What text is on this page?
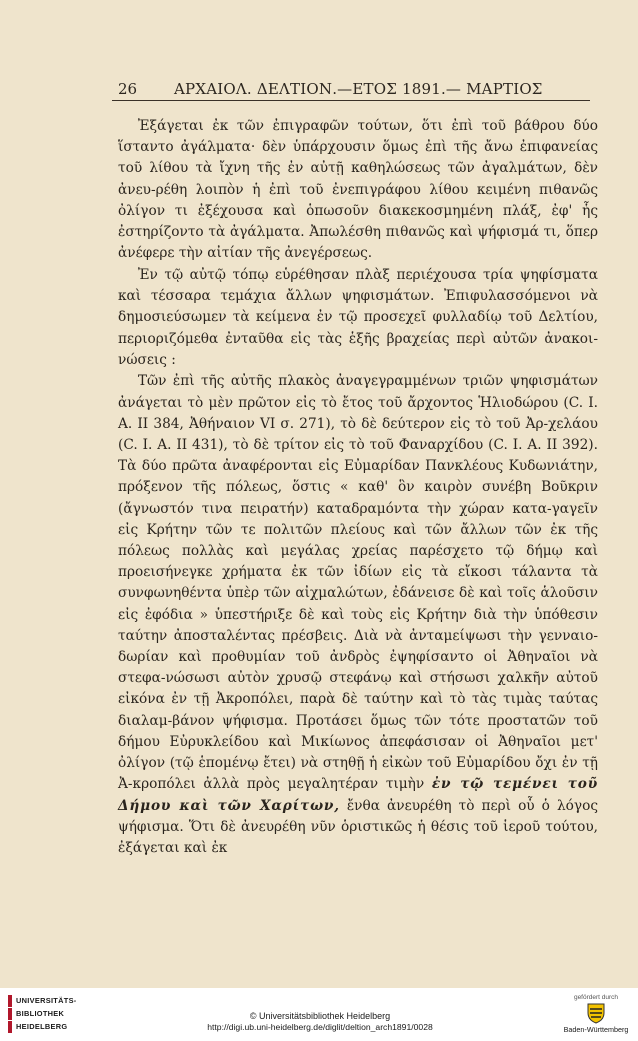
26 ΑΡΧΑΙΟΛ. ΔΕΛΤΙΟΝ.—ΕΤΟΣ 1891.— ΜΑΡΤΙΟΣ

Ἐξάγεται ἐκ τῶν ἐπιγραφῶν τούτων, ὅτι ἐπὶ τοῦ βάθρου δύο ἵσταντο ἀγάλματα· δὲν ὑπάρχουσιν ὅμως ἐπὶ τῆς ἄνω ἐπιφανείας τοῦ λίθου τὰ ἴχνη τῆς ἐν αὐτῇ καθηλώσεως τῶν ἀγαλμάτων, δὲν ἀνευ-ρέθη λοιπὸν ἡ ἐπὶ τοῦ ἐνεπιγράφου λίθου κειμένη πιθανῶς ὀλίγον τι ἐξέχουσα καὶ ὁπωσοῦν διακεκοσμημένη πλάξ, ἐφ' ἧς ἐστηρίζοντο τὰ ἀγάλματα. Ἀπωλέσθη πιθανῶς καὶ ψήφισμά τι, ὅπερ ἀνέφερε τὴν αἰτίαν τῆς ἀνεγέρσεως.

Ἐν τῷ αὐτῷ τόπῳ εὑρέθησαν πλὰξ περιέχουσα τρία ψηφίσματα καὶ τέσσαρα τεμάχια ἄλλων ψηφισμάτων. Ἐπιφυλασσόμενοι νὰ δημοσιεύσωμεν τὰ κείμενα ἐν τῷ προσεχεῖ φυλλαδίῳ τοῦ Δελτίου, περιοριζόμεθα ἐνταῦθα εἰς τὰς ἑξῆς βραχείας περὶ αὐτῶν ἀνακοι-νώσεις :

Τῶν ἐπὶ τῆς αὐτῆς πλακὸς ἀναγεγραμμένων τριῶν ψηφισμάτων ἀνάγεται τὸ μὲν πρῶτον εἰς τὸ ἔτος τοῦ ἄρχοντος Ἡλιοδώρου (C. I. A. II 384, Ἀθήναιον VI σ. 271), τὸ δὲ δεύτερον εἰς τὸ τοῦ Ἀρ-χελάου (C. I. A. II 431), τὸ δὲ τρίτον εἰς τὸ τοῦ Φαναρχίδου (C. I. A. II 392). Τὰ δύο πρῶτα ἀναφέρονται εἰς Εὐμαρίδαν Πανκλέους Κυδωνιάτην, πρόξενον τῆς πόλεως, ὅστις « καθ' ὃν καιρὸν συνέβη Βοῦκριν (ἄγνωστόν τινα πειρατήν) καταδραμόντα τὴν χώραν κατα-γαγεῖν εἰς Κρήτην τῶν τε πολιτῶν πλείους καὶ τῶν ἄλλων τῶν ἐκ τῆς πόλεως πολλὰς καὶ μεγάλας χρείας παρέσχετο τῷ δήμῳ καὶ προεισήνεγκε χρήματα ἐκ τῶν ἰδίων εἰς τὰ εἴκοσι τάλαντα τὰ συνφωνηθέντα ὑπὲρ τῶν αἰχμαλώτων, ἐδάνεισε δὲ καὶ τοῖς ἁλοῦσιν εἰς ἐφόδια » ὑπεστήριξε δὲ καὶ τοὺς εἰς Κρήτην διὰ τὴν ὑπόθεσιν ταύτην ἀποσταλέντας πρέσβεις. Διὰ νὰ ἀνταμείψωσι τὴν γενναιο-δωρίαν καὶ προθυμίαν τοῦ ἀνδρὸς ἐψηφίσαντο οἱ Ἀθηναῖοι νὰ στεφα-νώσωσι αὐτὸν χρυσῷ στεφάνῳ καὶ στήσωσι χαλκῆν αὐτοῦ εἰκόνα ἐν τῇ Ἀκροπόλει, παρὰ δὲ ταύτην καὶ τὸ τὰς τιμὰς ταύτας διαλαμ-βάνον ψήφισμα. Προτάσει ὅμως τῶν τότε προστατῶν τοῦ δήμου Εὐρυκλείδου καὶ Μικίωνος ἀπεφάσισαν οἱ Ἀθηναῖοι μετ' ὀλίγον (τῷ ἑπομένῳ ἔτει) νὰ στηθῇ ἡ εἰκὼν τοῦ Εὐμαρίδου ὄχι ἐν τῇ Ἀ-κροπόλει ἀλλὰ πρὸς μεγαλητέραν τιμὴν ἐν τῷ τεμένει τοῦ Δήμου καὶ τῶν Χαρίτων, ἔνθα ἀνευρέθη τὸ περὶ οὗ ὁ λόγος ψήφισμα. Ὅτι δὲ ἀνευρέθη νῦν ὁριστικῶς ἡ θέσις τοῦ ἱεροῦ τούτου, ἐξάγεται καὶ ἐκ

UNIVERSITÄTS-
BIBLIOTHEK
HEIDELBERG
© Universitätsbibliothek Heidelberg
http://digi.ub.uni-heidelberg.de/diglit/deltion_arch1891/0028
gefördert durch
Baden-Württemberg
